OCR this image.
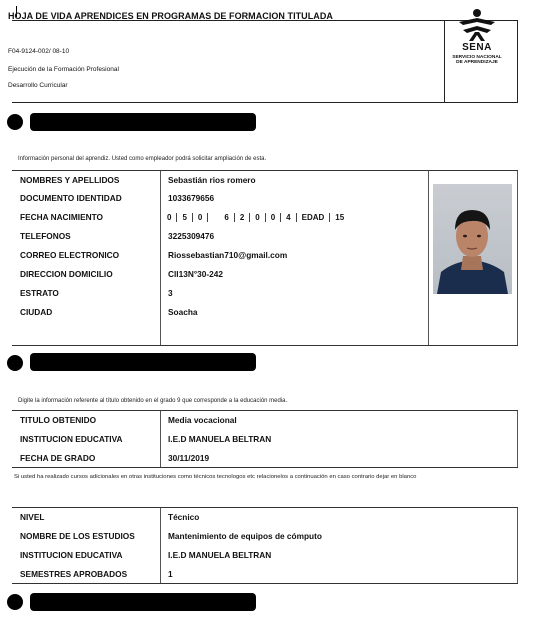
HOJA DE VIDA APRENDICES EN PROGRAMAS DE FORMACION TITULADA
F04-9124-002/ 08-10
Ejecución de la Formación Profesional
Desarrollo Curricular
SENA
SERVICIO NACIONAL
DE APRENDIZAJE
Información personal del aprendiz. Usted como empleador podrá solicitar ampliación de esta.
NOMBRES Y APELLIDOS	Sebastián rios romero
DOCUMENTO IDENTIDAD	1033679656
FECHA NACIMIENTO	0 5 0	6 2 0 0 4 EDAD 15
TELEFONOS	3225309476
CORREO ELECTRONICO	Riossebastian710@gmail.com
DIRECCION DOMICILIO	Cll13N°30-242
ESTRATO	3
CIUDAD	Soacha
Digite la información referente al título obtenido en el grado 9 que corresponde a la educación media.
TITULO OBTENIDO	Media vocacional
INSTITUCION EDUCATIVA	I.E.D MANUELA BELTRAN
FECHA DE GRADO	30/11/2019
Si usted ha realizado cursos adicionales en otras instituciones como técnicos tecnologos etc relacionelos a continuación en caso contrario dejar en blanco
NIVEL	Técnico
NOMBRE DE LOS ESTUDIOS	Mantenimiento de equipos de cómputo
INSTITUCION EDUCATIVA	I.E.D MANUELA BELTRAN
SEMESTRES APROBADOS	1
